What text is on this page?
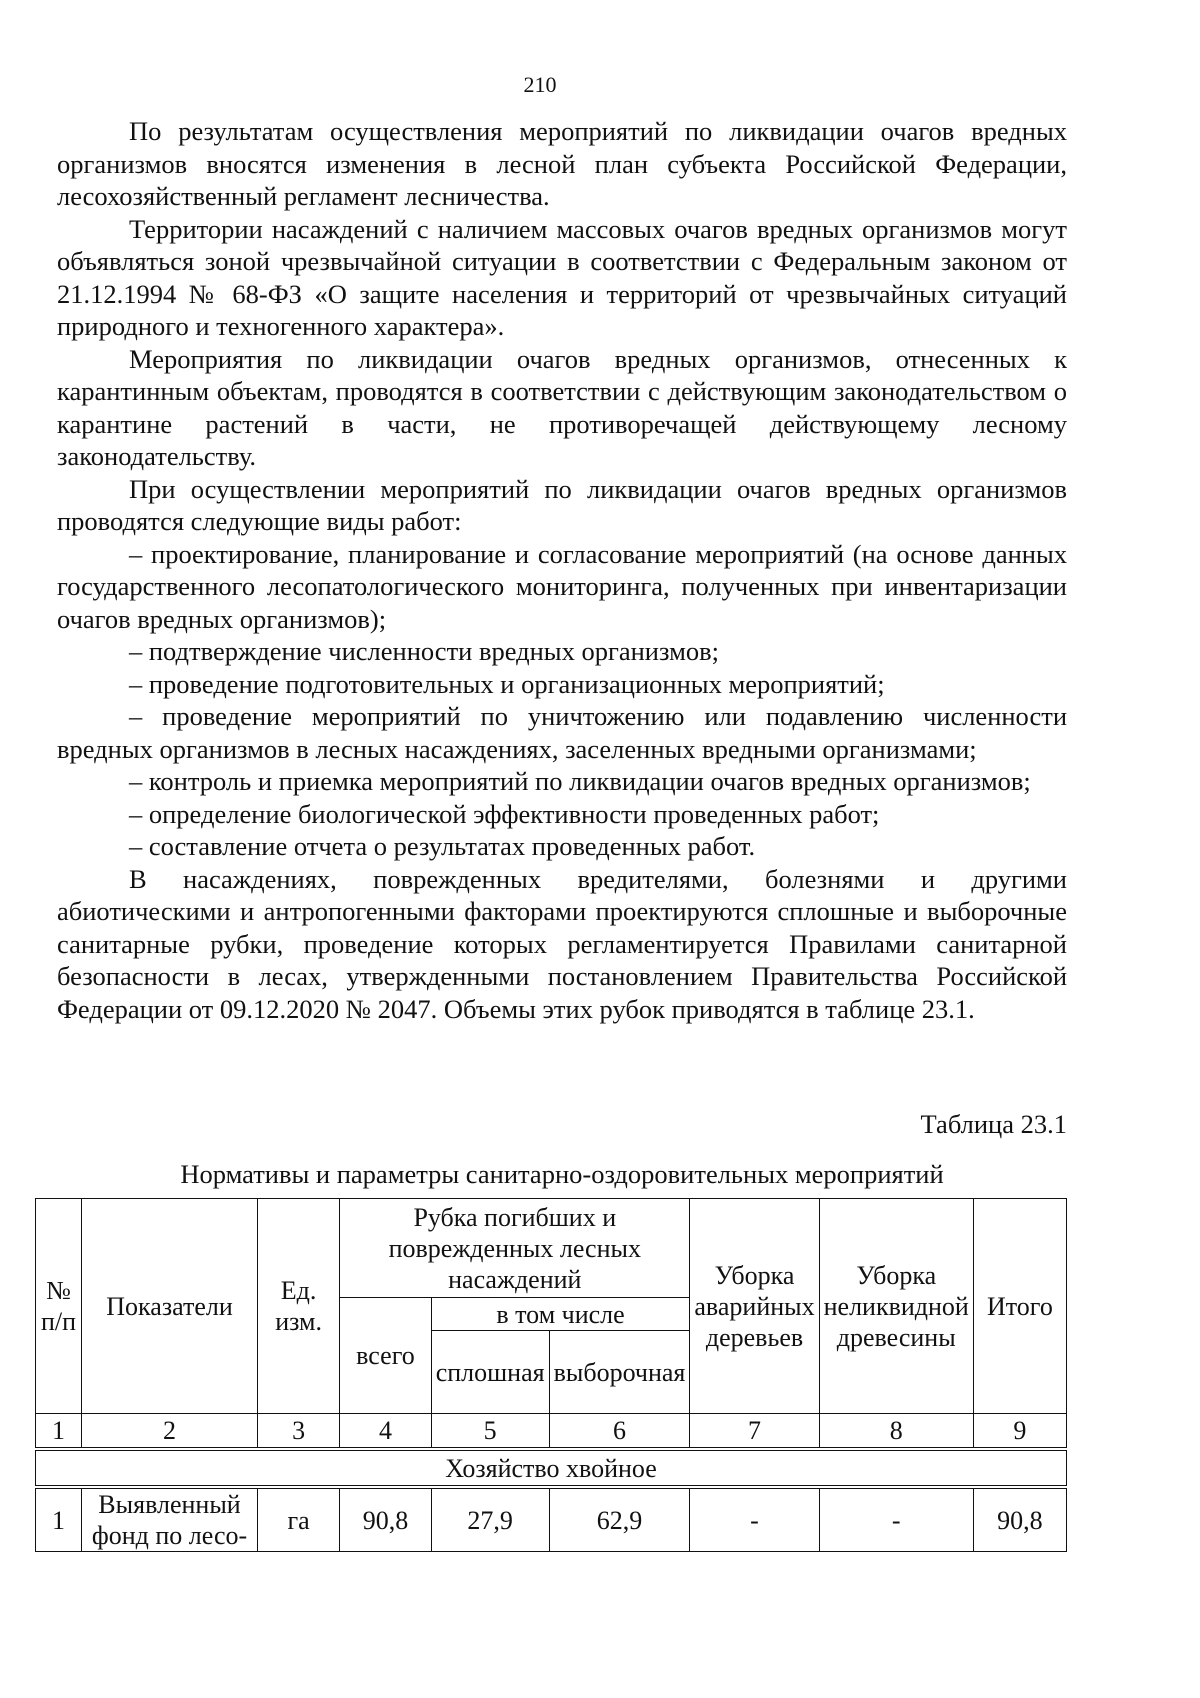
210

По результатам осуществления мероприятий по ликвидации очагов вредных организмов вносятся изменения в лесной план субъекта Российской Федерации, лесохозяйственный регламент лесничества.

Территории насаждений с наличием массовых очагов вредных организмов могут объявляться зоной чрезвычайной ситуации в соответствии с Федеральным законом от 21.12.1994 № 68-ФЗ «О защите населения и территорий от чрезвычайных ситуаций природного и техногенного характера».

Мероприятия по ликвидации очагов вредных организмов, отнесенных к карантинным объектам, проводятся в соответствии с действующим законодательством о карантине растений в части, не противоречащей действующему лесному законодательству.

При осуществлении мероприятий по ликвидации очагов вредных организмов проводятся следующие виды работ:

– проектирование, планирование и согласование мероприятий (на основе данных государственного лесопатологического мониторинга, полученных при инвентаризации очагов вредных организмов);

– подтверждение численности вредных организмов;

– проведение подготовительных и организационных мероприятий;

– проведение мероприятий по уничтожению или подавлению численности вредных организмов в лесных насаждениях, заселенных вредными организмами;

– контроль и приемка мероприятий по ликвидации очагов вредных организмов;

– определение биологической эффективности проведенных работ;

– составление отчета о результатах проведенных работ.

В насаждениях, поврежденных вредителями, болезнями и другими абиотическими и антропогенными факторами проектируются сплошные и выборочные санитарные рубки, проведение которых регламентируется Правилами санитарной безопасности в лесах, утвержденными постановлением Правительства Российской Федерации от 09.12.2020 № 2047. Объемы этих рубок приводятся в таблице 23.1.

Таблица 23.1
Нормативы и параметры санитарно-оздоровительных мероприятий
№ п/п	Показатели	Ед. изм.	Рубка погибших и поврежденных лесных насаждений			Уборка аварийных деревьев	Уборка неликвидной древесины	Итого
			всего	в том числе				
				сплошная	выборочная			
1	2	3	4	5	6	7	8	9
Хозяйство хвойное								
1	Выявленный фонд по лесо-	га	90,8	27,9	62,9	-	-	90,8
